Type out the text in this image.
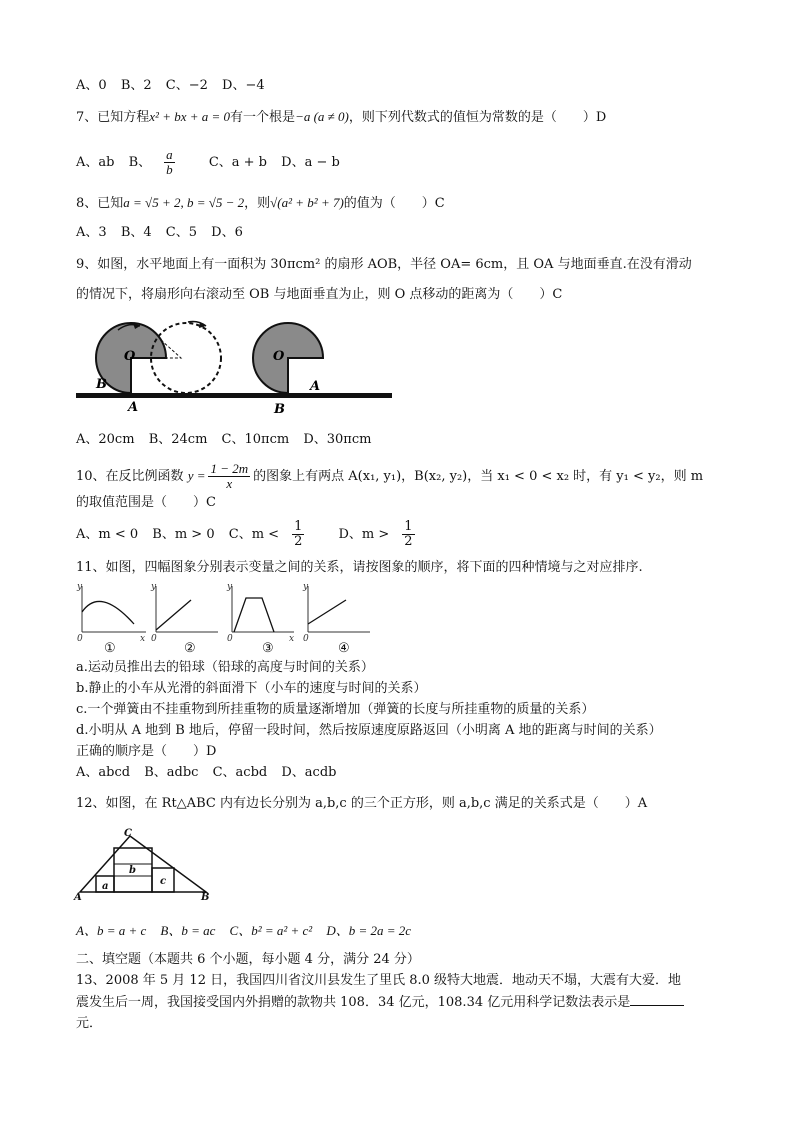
A、0 B、2 C、−2 D、−4
7、已知方程x² + bx + a = 0有一个根是−a (a ≠ 0)，则下列代数式的值恒为常数的是（　　）D
A、ab B、 $\frac{a}{b}$ C、a + b D、a − b
8、已知a = √5 + 2, b = √5 − 2，则√(a² + b² + 7)的值为（　　）C
A、3 B、4 C、5 D、6
9、如图，水平地面上有一面积为 30πcm² 的扇形 AOB，半径 OA= 6cm，且 OA 与地面垂直.在没有滑动
的情况下，将扇形向右滚动至 OB 与地面垂直为止，则 O 点移动的距离为（　　）C
O
B
A
O
A
B
A、20cm B、24cm C、10πcm D、30πcm
10、在反比例函数 $y = \frac{1 - 2m}{x}$ 的图象上有两点 A(x₁, y₁)，B(x₂, y₂)，当 x₁ < 0 < x₂ 时，有 y₁ < y₂，则 m
的取值范围是（　　）C
A、m < 0 B、m > 0 C、$m < \frac{1}{2}$ D、$m > \frac{1}{2}$
11、如图，四幅图象分别表示变量之间的关系，请按图象的顺序，将下面的四种情境与之对应排序.
y
0	x
y
0
y
0	x
y
0
①	②	③	④
a.运动员推出去的铅球（铅球的高度与时间的关系）
b.静止的小车从光滑的斜面滑下（小车的速度与时间的关系）
c.一个弹簧由不挂重物到所挂重物的质量逐渐增加（弹簧的长度与所挂重物的质量的关系）
d.小明从 A 地到 B 地后，停留一段时间，然后按原速度原路返回（小明离 A 地的距离与时间的关系）
正确的顺序是（　　）D
A、abcd B、adbc C、acbd D、acdb
12、如图，在 Rt△ABC 内有边长分别为 a,b,c 的三个正方形，则 a,b,c 满足的关系式是（　　）A
C
A	B
a
b
c
A、b = a + c B、b = ac C、b² = a² + c² D、b = 2a = 2c
二、填空题（本题共 6 个小题，每小题 4 分，满分 24 分）
13、2008 年 5 月 12 日，我国四川省汶川县发生了里氏 8.0 级特大地震．地动天不塌，大震有大爱．地
震发生后一周，我国接受国内外捐赠的款物共 108．34 亿元，108.34 亿元用科学记数法表示是
元．
